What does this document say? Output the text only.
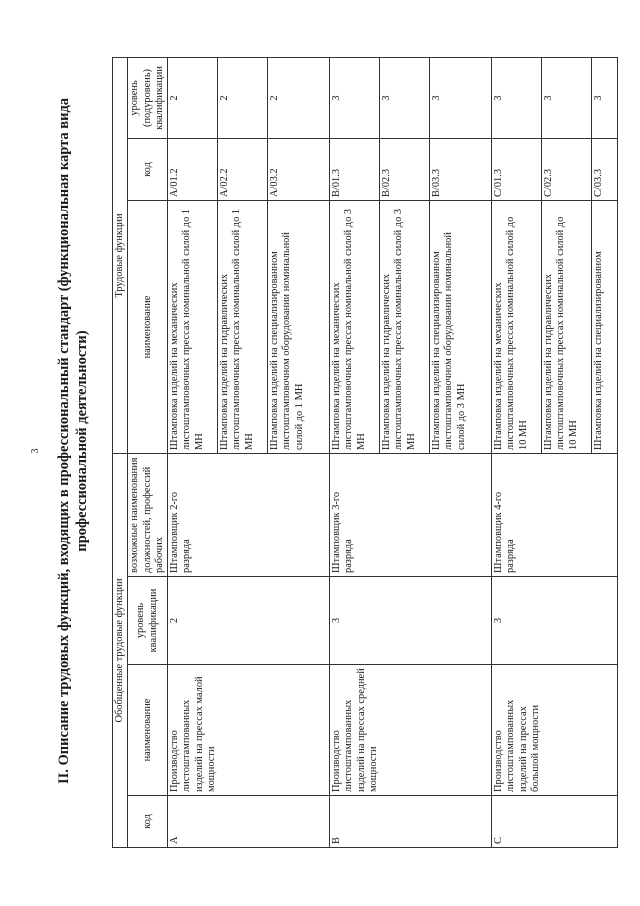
3 II. Описание трудовых функций, входящих в профессиональный стандарт (функциональная карта вида профессиональной деятельности)
Обобщенные трудовые функции				Трудовые функции		
код	наименование	уровень квалификации	возможные наименования должностей, профессий рабочих	наименование	код	уровень (подуровень) квалификации
A	Производство листоштампованных изделий на прессах малой мощности	2	Штамповщик 2-го разряда	Штамповка изделий на механических листоштамповочных прессах номинальной силой до 1 МН	A/01.2	2
				Штамповка изделий на гидравлических листоштамповочных прессах номинальной силой до 1 МН	A/02.2	2
				Штамповка изделий на специализированном листоштамповочном оборудовании номинальной силой до 1 МН	A/03.2	2
B	Производство листоштампованных изделий на прессах средней мощности	3	Штамповщик 3-го разряда	Штамповка изделий на механических листоштамповочных прессах номинальной силой до 3 МН	B/01.3	3
				Штамповка изделий на гидравлических листоштамповочных прессах номинальной силой до 3 МН	B/02.3	3
				Штамповка изделий на специализированном листоштамповочном оборудовании номинальной силой до 3 МН	B/03.3	3
C	Производство листоштампованных изделий на прессах большой мощности	3	Штамповщик 4-го разряда	Штамповка изделий на механических листоштамповочных прессах номинальной силой до 10 МН	C/01.3	3
				Штамповка изделий на гидравлических листоштамповочных прессах номинальной силой до 10 МН	C/02.3	3
				Штамповка изделий на специализированном	C/03.3	3
